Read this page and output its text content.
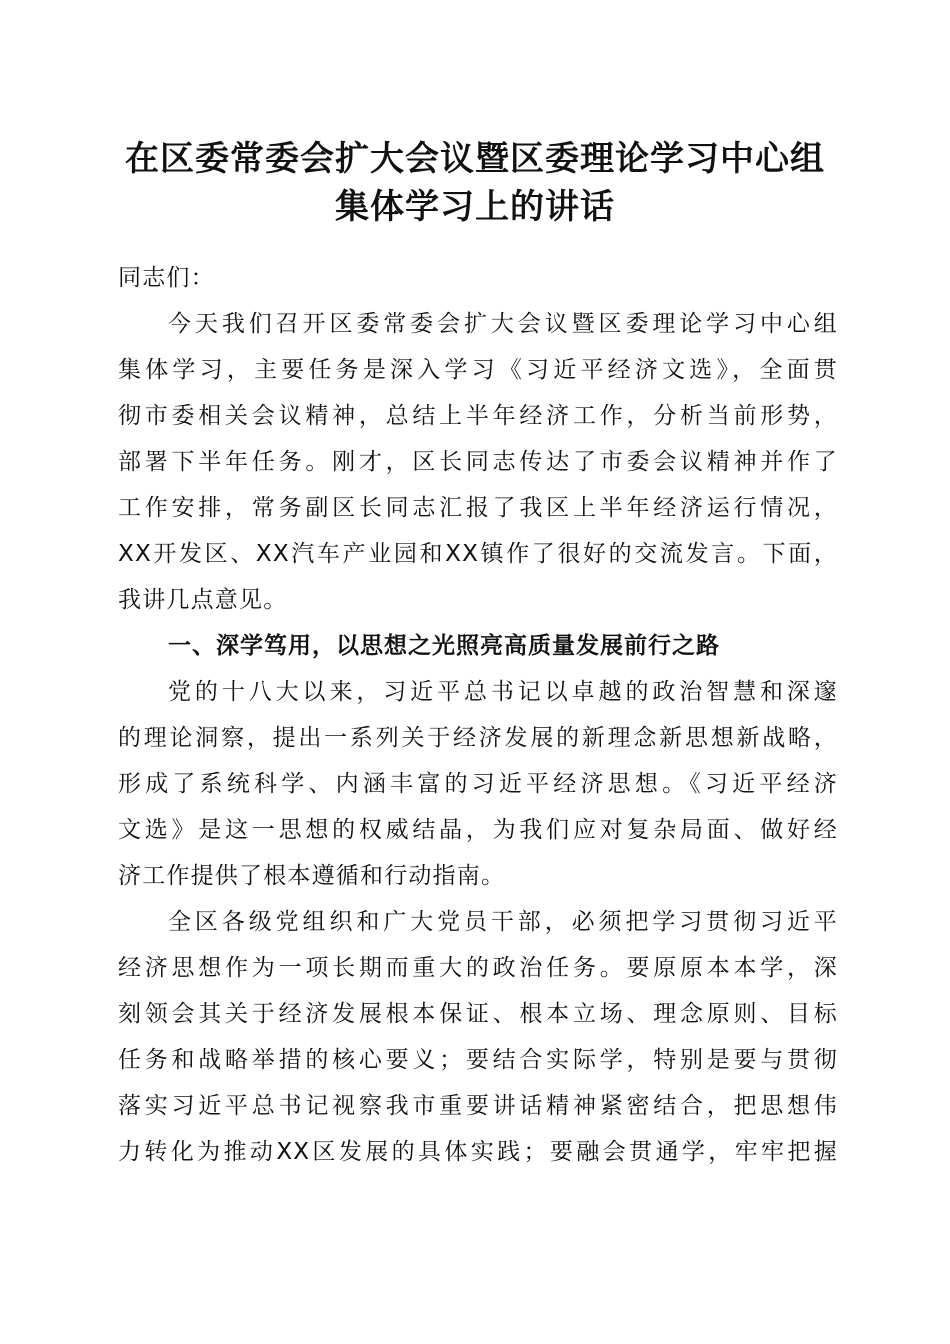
在区委常委会扩大会议暨区委理论学习中心组
集体学习上的讲话
同志们：
今天我们召开区委常委会扩大会议暨区委理论学习中心组
集体学习，主要任务是深入学习《习近平经济文选》，全面贯
彻市委相关会议精神，总结上半年经济工作，分析当前形势，
部署下半年任务。刚才，区长同志传达了市委会议精神并作了
工作安排，常务副区长同志汇报了我区上半年经济运行情况，
XX开发区、XX汽车产业园和XX镇作了很好的交流发言。下面，
我讲几点意见。
一、深学笃用，以思想之光照亮高质量发展前行之路
党的十八大以来，习近平总书记以卓越的政治智慧和深邃
的理论洞察，提出一系列关于经济发展的新理念新思想新战略，
形成了系统科学、内涵丰富的习近平经济思想。《习近平经济
文选》是这一思想的权威结晶，为我们应对复杂局面、做好经
济工作提供了根本遵循和行动指南。
全区各级党组织和广大党员干部，必须把学习贯彻习近平
经济思想作为一项长期而重大的政治任务。要原原本本学，深
刻领会其关于经济发展根本保证、根本立场、理念原则、目标
任务和战略举措的核心要义；要结合实际学，特别是要与贯彻
落实习近平总书记视察我市重要讲话精神紧密结合，把思想伟
力转化为推动XX区发展的具体实践；要融会贯通学，牢牢把握
